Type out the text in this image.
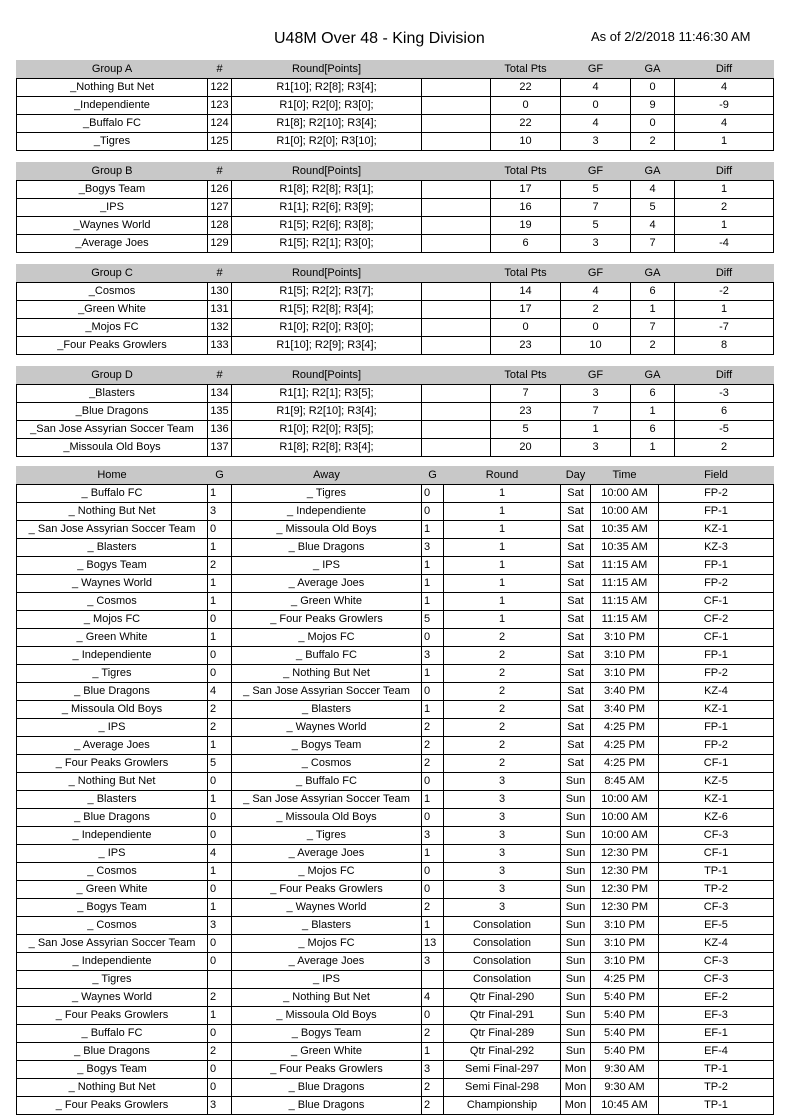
U48M Over 48 - King Division	As of 2/2/2018 11:46:30 AM
Group A	#	Round[Points]		Total Pts	GF	GA	Diff
_Nothing But Net	122	R1[10]; R2[8]; R3[4];		22	4	0	4
_Independiente	123	R1[0]; R2[0]; R3[0];		0	0	9	-9
_Buffalo FC	124	R1[8]; R2[10]; R3[4];		22	4	0	4
_Tigres	125	R1[0]; R2[0]; R3[10];		10	3	2	1
Group B	#	Round[Points]		Total Pts	GF	GA	Diff
_Bogys Team	126	R1[8]; R2[8]; R3[1];		17	5	4	1
_IPS	127	R1[1]; R2[6]; R3[9];		16	7	5	2
_Waynes World	128	R1[5]; R2[6]; R3[8];		19	5	4	1
_Average Joes	129	R1[5]; R2[1]; R3[0];		6	3	7	-4
Group C	#	Round[Points]		Total Pts	GF	GA	Diff
_Cosmos	130	R1[5]; R2[2]; R3[7];		14	4	6	-2
_Green White	131	R1[5]; R2[8]; R3[4];		17	2	1	1
_Mojos FC	132	R1[0]; R2[0]; R3[0];		0	0	7	-7
_Four Peaks Growlers	133	R1[10]; R2[9]; R3[4];		23	10	2	8
Group D	#	Round[Points]		Total Pts	GF	GA	Diff
_Blasters	134	R1[1]; R2[1]; R3[5];		7	3	6	-3
_Blue Dragons	135	R1[9]; R2[10]; R3[4];		23	7	1	6
_San Jose Assyrian Soccer Team	136	R1[0]; R2[0]; R3[5];		5	1	6	-5
_Missoula Old Boys	137	R1[8]; R2[8]; R3[4];		20	3	1	2
Home	G	Away	G	Round	Day	Time	Field
_ Buffalo FC	1	_ Tigres	0	1	Sat	10:00 AM	FP-2
_ Nothing But Net	3	_ Independiente	0	1	Sat	10:00 AM	FP-1
_ San Jose Assyrian Soccer Team	0	_ Missoula Old Boys	1	1	Sat	10:35 AM	KZ-1
_ Blasters	1	_ Blue Dragons	3	1	Sat	10:35 AM	KZ-3
_ Bogys Team	2	_ IPS	1	1	Sat	11:15 AM	FP-1
_ Waynes World	1	_ Average Joes	1	1	Sat	11:15 AM	FP-2
_ Cosmos	1	_ Green White	1	1	Sat	11:15 AM	CF-1
_ Mojos FC	0	_ Four Peaks Growlers	5	1	Sat	11:15 AM	CF-2
_ Green White	1	_ Mojos FC	0	2	Sat	3:10 PM	CF-1
_ Independiente	0	_ Buffalo FC	3	2	Sat	3:10 PM	FP-1
_ Tigres	0	_ Nothing But Net	1	2	Sat	3:10 PM	FP-2
_ Blue Dragons	4	_ San Jose Assyrian Soccer Team	0	2	Sat	3:40 PM	KZ-4
_ Missoula Old Boys	2	_ Blasters	1	2	Sat	3:40 PM	KZ-1
_ IPS	2	_ Waynes World	2	2	Sat	4:25 PM	FP-1
_ Average Joes	1	_ Bogys Team	2	2	Sat	4:25 PM	FP-2
_ Four Peaks Growlers	5	_ Cosmos	2	2	Sat	4:25 PM	CF-1
_ Nothing But Net	0	_ Buffalo FC	0	3	Sun	8:45 AM	KZ-5
_ Blasters	1	_ San Jose Assyrian Soccer Team	1	3	Sun	10:00 AM	KZ-1
_ Blue Dragons	0	_ Missoula Old Boys	0	3	Sun	10:00 AM	KZ-6
_ Independiente	0	_ Tigres	3	3	Sun	10:00 AM	CF-3
_ IPS	4	_ Average Joes	1	3	Sun	12:30 PM	CF-1
_ Cosmos	1	_ Mojos FC	0	3	Sun	12:30 PM	TP-1
_ Green White	0	_ Four Peaks Growlers	0	3	Sun	12:30 PM	TP-2
_ Bogys Team	1	_ Waynes World	2	3	Sun	12:30 PM	CF-3
_ Cosmos	3	_ Blasters	1	Consolation	Sun	3:10 PM	EF-5
_ San Jose Assyrian Soccer Team	0	_ Mojos FC	13	Consolation	Sun	3:10 PM	KZ-4
_ Independiente	0	_ Average Joes	3	Consolation	Sun	3:10 PM	CF-3
_ Tigres		_ IPS		Consolation	Sun	4:25 PM	CF-3
_ Waynes World	2	_ Nothing But Net	4	Qtr Final-290	Sun	5:40 PM	EF-2
_ Four Peaks Growlers	1	_ Missoula Old Boys	0	Qtr Final-291	Sun	5:40 PM	EF-3
_ Buffalo FC	0	_ Bogys Team	2	Qtr Final-289	Sun	5:40 PM	EF-1
_ Blue Dragons	2	_ Green White	1	Qtr Final-292	Sun	5:40 PM	EF-4
_ Bogys Team	0	_ Four Peaks Growlers	3	Semi Final-297	Mon	9:30 AM	TP-1
_ Nothing But Net	0	_ Blue Dragons	2	Semi Final-298	Mon	9:30 AM	TP-2
_ Four Peaks Growlers	3	_ Blue Dragons	2	Championship	Mon	10:45 AM	TP-1
